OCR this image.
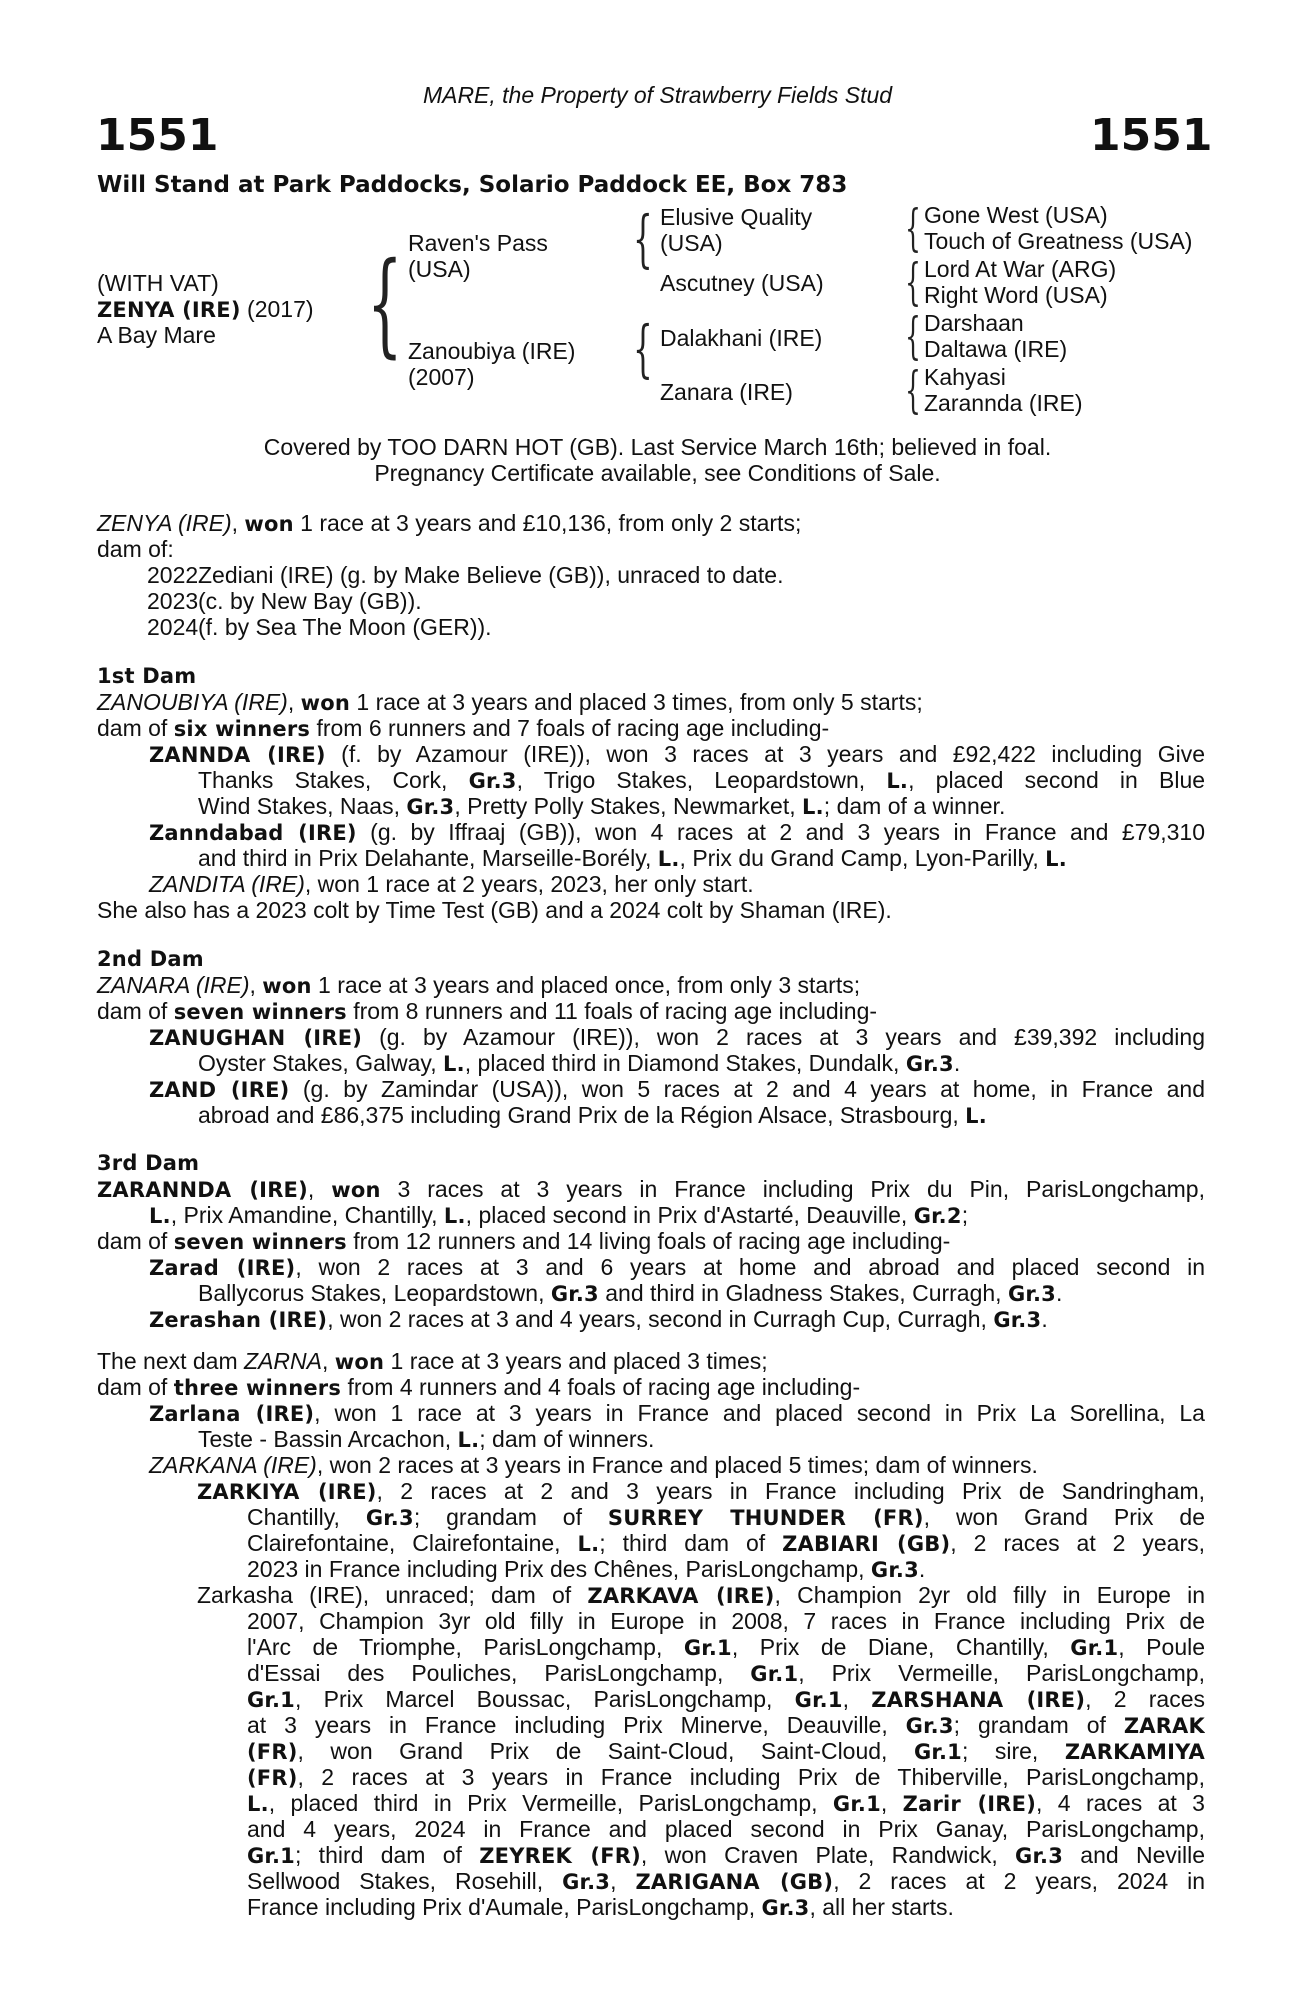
MARE, the Property of Strawberry Fields Stud
1551	1551
Will Stand at Park Paddocks, Solario Paddock EE, Box 783
(WITH VAT)
ZENYA (IRE) (2017)
A Bay Mare { Raven's Pass
(USA)
Zanoubiya (IRE)
(2007)
{
{
Elusive Quality
(USA)
Ascutney (USA)
Dalakhani (IRE)
Zanara (IRE)
{
{
{
{
Gone West (USA)
Touch of Greatness (USA)
Lord At War (ARG)
Right Word (USA)
Darshaan
Daltawa (IRE)
Kahyasi
Zarannda (IRE)
Covered by TOO DARN HOT (GB). Last Service March 16th; believed in foal.
Pregnancy Certificate available, see Conditions of Sale.
ZENYA (IRE), won 1 race at 3 years and £10,136, from only 2 starts;
dam of:
2022Zediani (IRE) (g. by Make Believe (GB)), unraced to date.
2023(c. by New Bay (GB)).
2024(f. by Sea The Moon (GER)).
1st Dam
ZANOUBIYA (IRE), won 1 race at 3 years and placed 3 times, from only 5 starts;
dam of six winners from 6 runners and 7 foals of racing age including-
ZANNDA (IRE) (f. by Azamour (IRE)), won 3 races at 3 years and £92,422 including Give
Thanks Stakes, Cork, Gr.3, Trigo Stakes, Leopardstown, L., placed second in Blue
Wind Stakes, Naas, Gr.3, Pretty Polly Stakes, Newmarket, L.; dam of a winner.
Zanndabad (IRE) (g. by Iffraaj (GB)), won 4 races at 2 and 3 years in France and £79,310
and third in Prix Delahante, Marseille-Borély, L., Prix du Grand Camp, Lyon-Parilly, L.
ZANDITA (IRE), won 1 race at 2 years, 2023, her only start.
She also has a 2023 colt by Time Test (GB) and a 2024 colt by Shaman (IRE).
2nd Dam
ZANARA (IRE), won 1 race at 3 years and placed once, from only 3 starts;
dam of seven winners from 8 runners and 11 foals of racing age including-
ZANUGHAN (IRE) (g. by Azamour (IRE)), won 2 races at 3 years and £39,392 including
Oyster Stakes, Galway, L., placed third in Diamond Stakes, Dundalk, Gr.3.
ZAND (IRE) (g. by Zamindar (USA)), won 5 races at 2 and 4 years at home, in France and
abroad and £86,375 including Grand Prix de la Région Alsace, Strasbourg, L.
3rd Dam
ZARANNDA (IRE), won 3 races at 3 years in France including Prix du Pin, ParisLongchamp,
L., Prix Amandine, Chantilly, L., placed second in Prix d'Astarté, Deauville, Gr.2;
dam of seven winners from 12 runners and 14 living foals of racing age including-
Zarad (IRE), won 2 races at 3 and 6 years at home and abroad and placed second in
Ballycorus Stakes, Leopardstown, Gr.3 and third in Gladness Stakes, Curragh, Gr.3.
Zerashan (IRE), won 2 races at 3 and 4 years, second in Curragh Cup, Curragh, Gr.3.
The next dam ZARNA, won 1 race at 3 years and placed 3 times;
dam of three winners from 4 runners and 4 foals of racing age including-
Zarlana (IRE), won 1 race at 3 years in France and placed second in Prix La Sorellina, La
Teste - Bassin Arcachon, L.; dam of winners.
ZARKANA (IRE), won 2 races at 3 years in France and placed 5 times; dam of winners.
ZARKIYA (IRE), 2 races at 2 and 3 years in France including Prix de Sandringham,
Chantilly, Gr.3; grandam of SURREY THUNDER (FR), won Grand Prix de
Clairefontaine, Clairefontaine, L.; third dam of ZABIARI (GB), 2 races at 2 years,
2023 in France including Prix des Chênes, ParisLongchamp, Gr.3.
Zarkasha (IRE), unraced; dam of ZARKAVA (IRE), Champion 2yr old filly in Europe in
2007, Champion 3yr old filly in Europe in 2008, 7 races in France including Prix de
l'Arc de Triomphe, ParisLongchamp, Gr.1, Prix de Diane, Chantilly, Gr.1, Poule
d'Essai des Pouliches, ParisLongchamp, Gr.1, Prix Vermeille, ParisLongchamp,
Gr.1, Prix Marcel Boussac, ParisLongchamp, Gr.1, ZARSHANA (IRE), 2 races
at 3 years in France including Prix Minerve, Deauville, Gr.3; grandam of ZARAK
(FR), won Grand Prix de Saint-Cloud, Saint-Cloud, Gr.1; sire, ZARKAMIYA
(FR), 2 races at 3 years in France including Prix de Thiberville, ParisLongchamp,
L., placed third in Prix Vermeille, ParisLongchamp, Gr.1, Zarir (IRE), 4 races at 3
and 4 years, 2024 in France and placed second in Prix Ganay, ParisLongchamp,
Gr.1; third dam of ZEYREK (FR), won Craven Plate, Randwick, Gr.3 and Neville
Sellwood Stakes, Rosehill, Gr.3, ZARIGANA (GB), 2 races at 2 years, 2024 in
France including Prix d'Aumale, ParisLongchamp, Gr.3, all her starts.
